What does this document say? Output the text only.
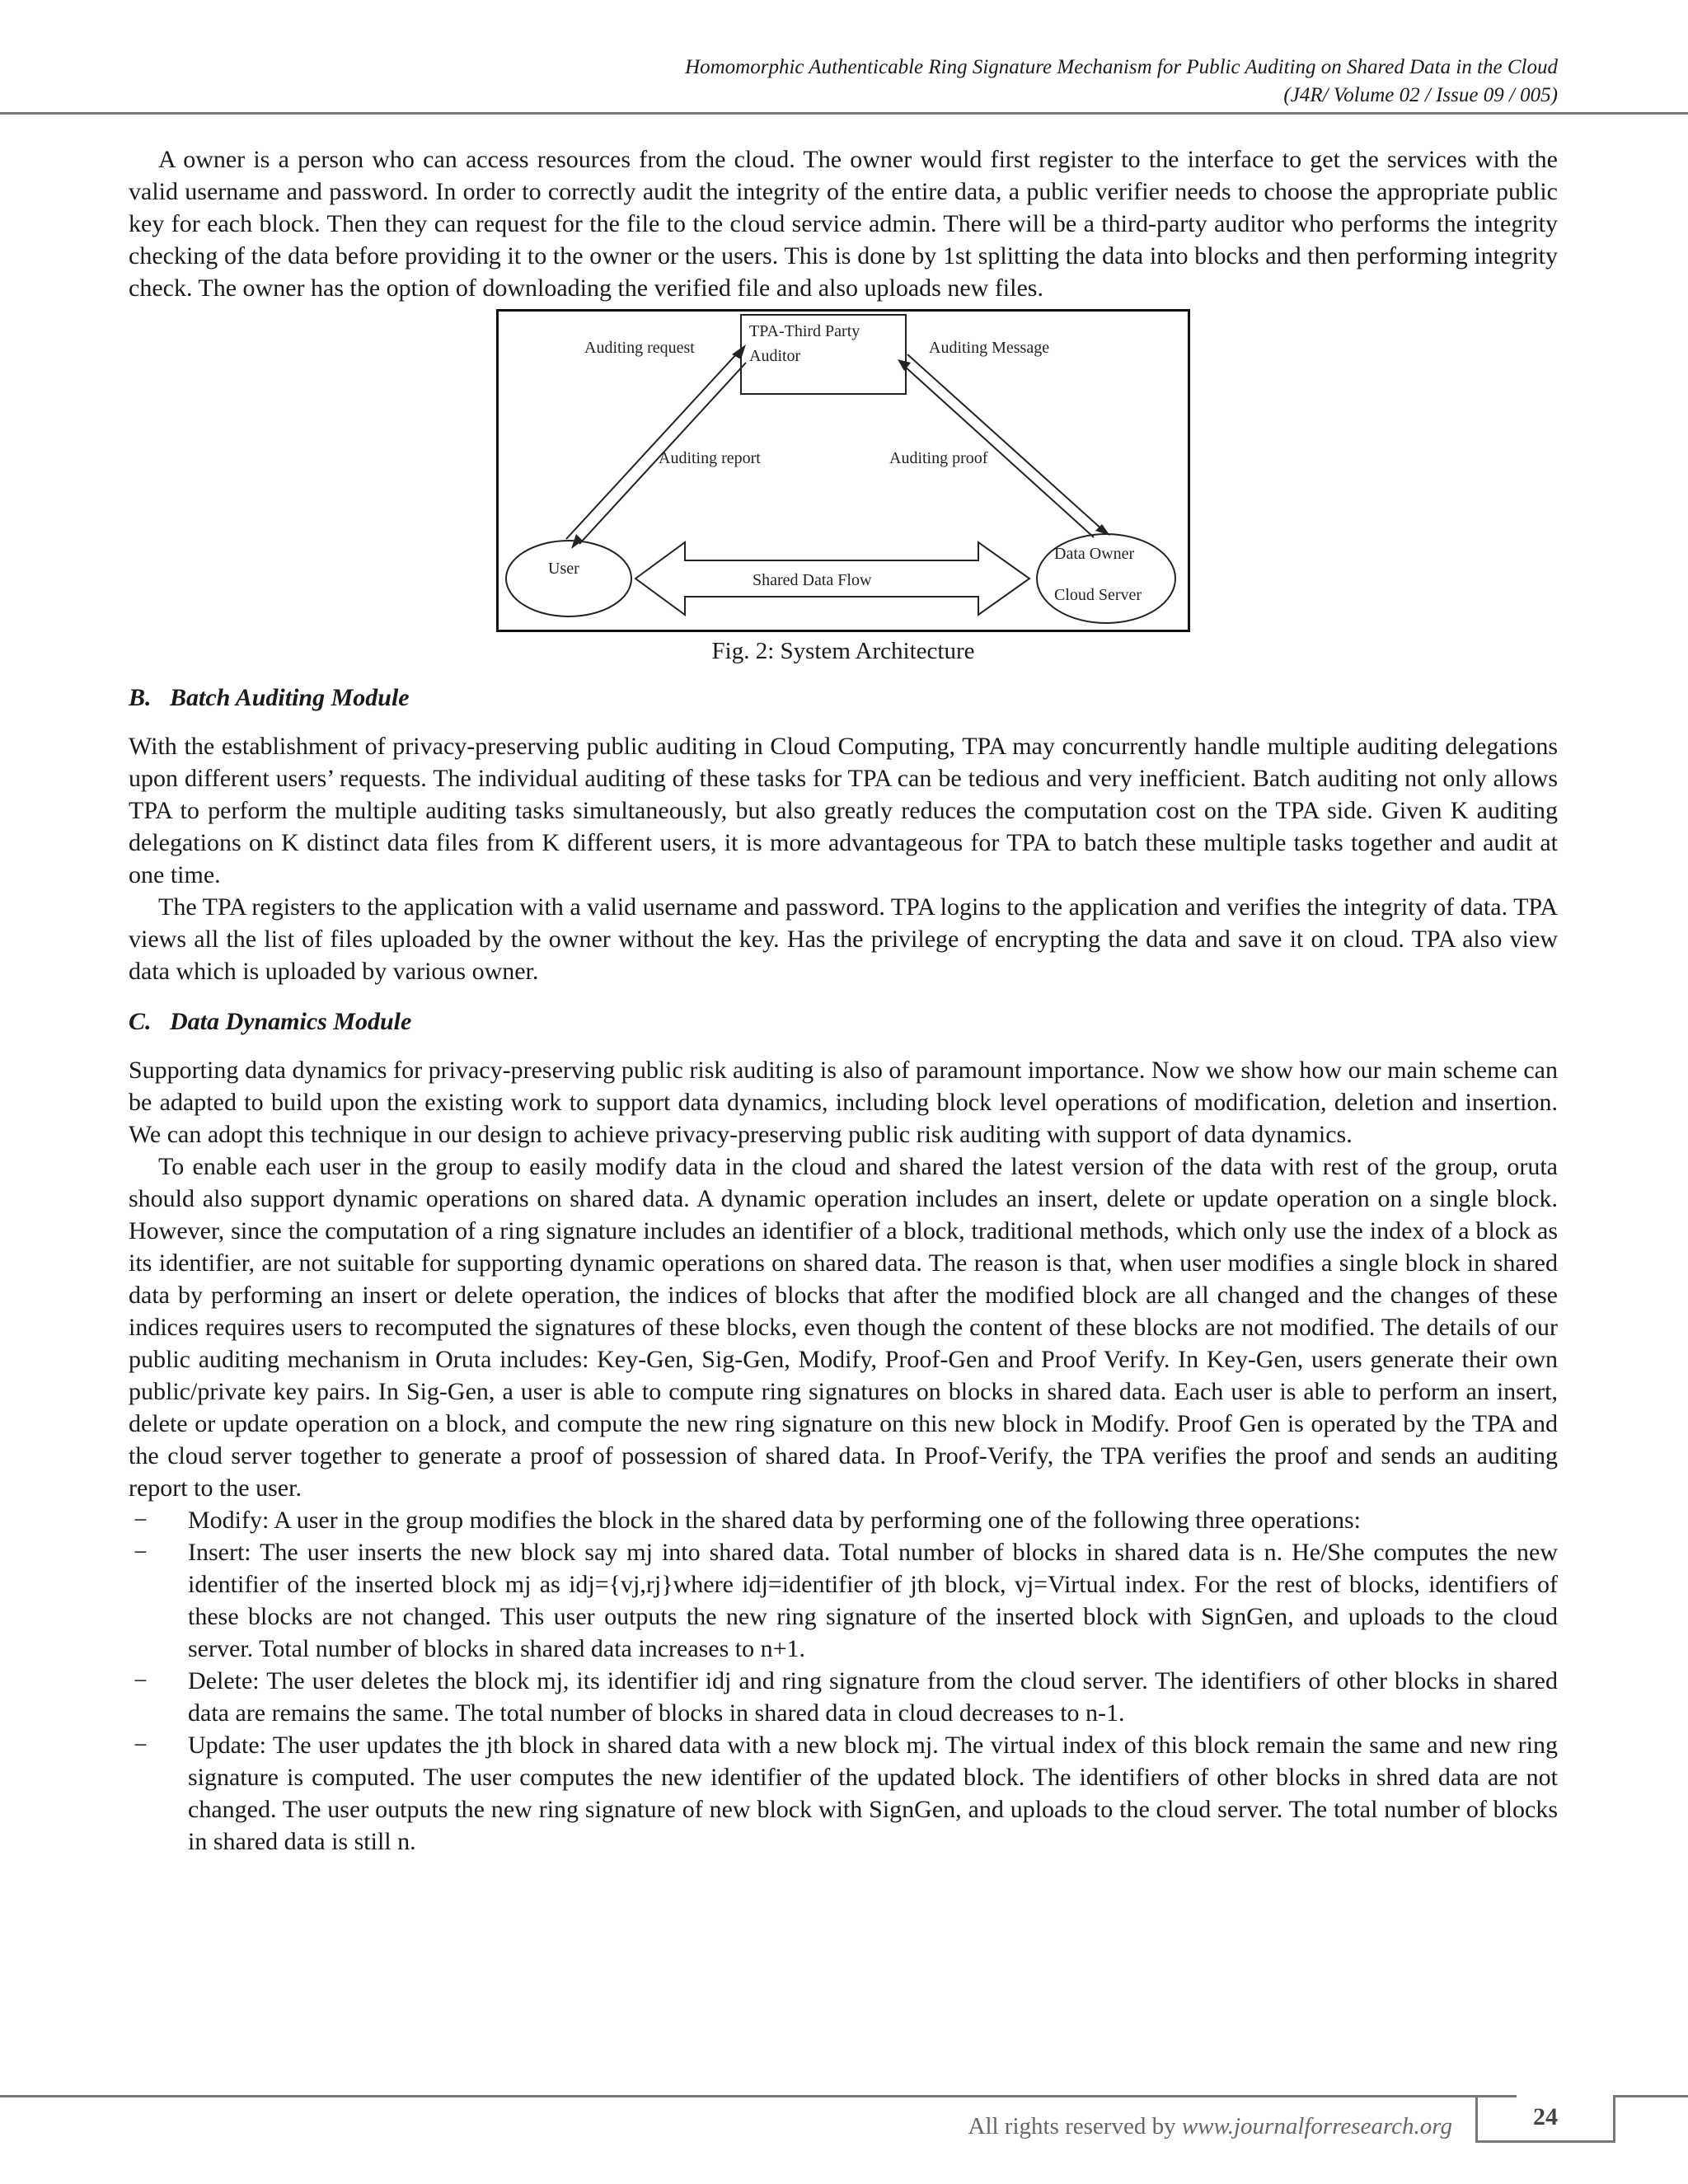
Homomorphic Authenticable Ring Signature Mechanism for Public Auditing on Shared Data in the Cloud
(J4R/ Volume 02 / Issue 09 / 005)

A owner is a person who can access resources from the cloud. The owner would first register to the interface to get the services with the valid username and password. In order to correctly audit the integrity of the entire data, a public verifier needs to choose the appropriate public key for each block. Then they can request for the file to the cloud service admin. There will be a third-party auditor who performs the integrity checking of the data before providing it to the owner or the users. This is done by 1st splitting the data into blocks and then performing integrity check. The owner has the option of downloading the verified file and also uploads new files.

TPA-Third Party
Auditor
User
Data Owner
Cloud Server
Shared Data Flow
Auditing request	Auditing Message
Auditing report	Auditing proof
Fig. 2: System Architecture
B. Batch Auditing Module

With the establishment of privacy-preserving public auditing in Cloud Computing, TPA may concurrently handle multiple auditing delegations upon different users’ requests. The individual auditing of these tasks for TPA can be tedious and very inefficient. Batch auditing not only allows TPA to perform the multiple auditing tasks simultaneously, but also greatly reduces the computation cost on the TPA side. Given K auditing delegations on K distinct data files from K different users, it is more advantageous for TPA to batch these multiple tasks together and audit at one time.

The TPA registers to the application with a valid username and password. TPA logins to the application and verifies the integrity of data. TPA views all the list of files uploaded by the owner without the key. Has the privilege of encrypting the data and save it on cloud. TPA also view data which is uploaded by various owner.

C. Data Dynamics Module

Supporting data dynamics for privacy-preserving public risk auditing is also of paramount importance. Now we show how our main scheme can be adapted to build upon the existing work to support data dynamics, including block level operations of modification, deletion and insertion. We can adopt this technique in our design to achieve privacy-preserving public risk auditing with support of data dynamics.

To enable each user in the group to easily modify data in the cloud and shared the latest version of the data with rest of the group, oruta should also support dynamic operations on shared data. A dynamic operation includes an insert, delete or update operation on a single block. However, since the computation of a ring signature includes an identifier of a block, traditional methods, which only use the index of a block as its identifier, are not suitable for supporting dynamic operations on shared data. The reason is that, when user modifies a single block in shared data by performing an insert or delete operation, the indices of blocks that after the modified block are all changed and the changes of these indices requires users to recomputed the signatures of these blocks, even though the content of these blocks are not modified. The details of our public auditing mechanism in Oruta includes: Key-Gen, Sig-Gen, Modify, Proof-Gen and Proof Verify. In Key-Gen, users generate their own public/private key pairs. In Sig-Gen, a user is able to compute ring signatures on blocks in shared data. Each user is able to perform an insert, delete or update operation on a block, and compute the new ring signature on this new block in Modify. Proof Gen is operated by the TPA and the cloud server together to generate a proof of possession of shared data. In Proof-Verify, the TPA verifies the proof and sends an auditing report to the user.

− Modify: A user in the group modifies the block in the shared data by performing one of the following three operations:
− Insert: The user inserts the new block say mj into shared data. Total number of blocks in shared data is n. He/She computes the new identifier of the inserted block mj as idj={vj,rj}where idj=identifier of jth block, vj=Virtual index. For the rest of blocks, identifiers of these blocks are not changed. This user outputs the new ring signature of the inserted block with SignGen, and uploads to the cloud server. Total number of blocks in shared data increases to n+1.
− Delete: The user deletes the block mj, its identifier idj and ring signature from the cloud server. The identifiers of other blocks in shared data are remains the same. The total number of blocks in shared data in cloud decreases to n-1.
− Update: The user updates the jth block in shared data with a new block mj. The virtual index of this block remain the same and new ring signature is computed. The user computes the new identifier of the updated block. The identifiers of other blocks in shred data are not changed. The user outputs the new ring signature of new block with SignGen, and uploads to the cloud server. The total number of blocks in shared data is still n.
All rights reserved by www.journalforresearch.org	24
